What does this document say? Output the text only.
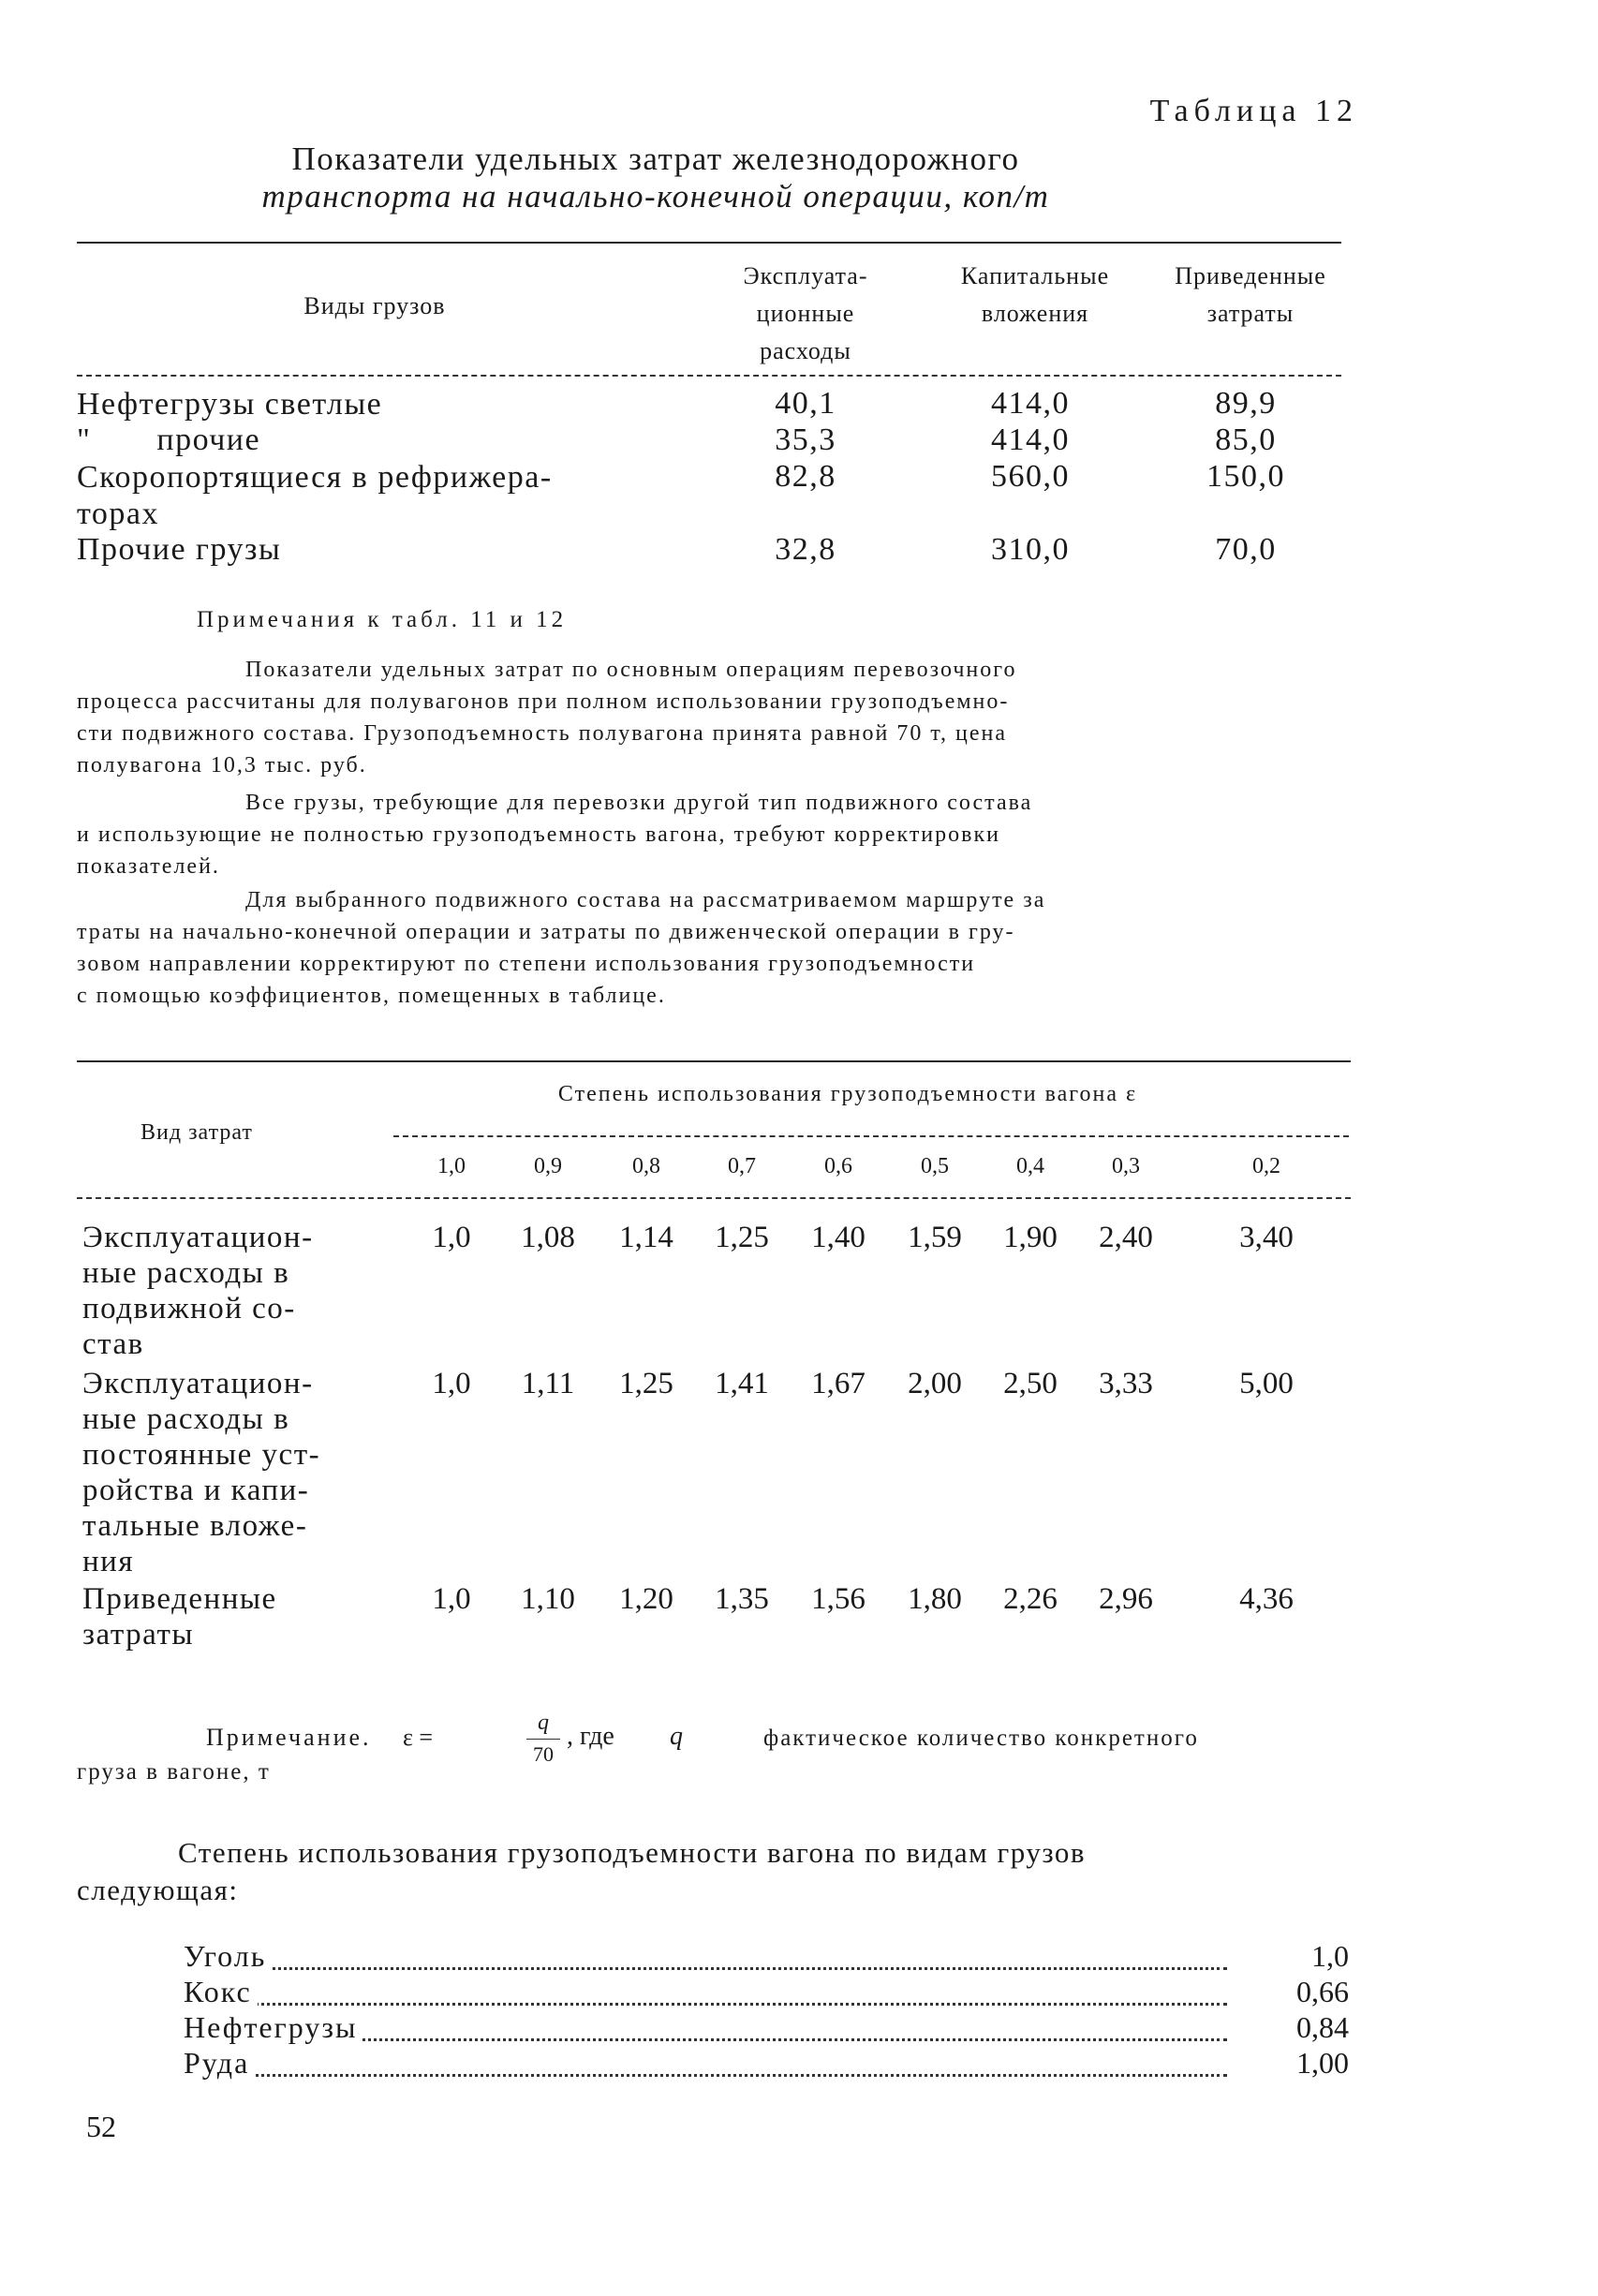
Таблица 12
Показатели удельных затрат железнодорожного
транспорта на начально-конечной операции, коп/т
Виды грузов
Эксплуата-
ционные
расходы
Капитальные
вложения
Приведенные
затраты
Нефтегрузы светлые	40,1	414,0	89,9
"       прочие	35,3	414,0	85,0
Скоропортящиеся в рефрижера-
торах
82,8	560,0	150,0
Прочие грузы	32,8	310,0	70,0
Примечания к табл. 11 и 12
Показатели удельных затрат по основным операциям перевозочного
процесса рассчитаны для полувагонов при полном использовании грузоподъемно-
сти подвижного состава. Грузоподъемность полувагона принята равной 70 т, цена
полувагона 10,3 тыс. руб.
Все грузы, требующие для перевозки другой тип подвижного состава
и использующие не полностью грузоподъемность вагона, требуют корректировки
показателей.
Для выбранного подвижного состава на рассматриваемом маршруте за
траты на начально-конечной операции и затраты по движенческой операции в гру-
зовом направлении корректируют по степени использования грузоподъемности
с помощью коэффициентов, помещенных в таблице.
Вид затрат
Степень использования грузоподъемности вагона ε
1,0	0,9	0,8	0,7	0,6	0,5	0,4	0,3	0,2
Эксплуатацион-
ные расходы в
подвижной со-
став
1,0	1,08	1,14	1,25	1,40	1,59	1,90	2,40	3,40
Эксплуатацион-
ные расходы в
постоянные уст-
ройства и капи-
тальные вложе-
ния
1,0	1,11	1,25	1,41	1,67	2,00	2,50	3,33	5,00
Приведенные
затраты
1,0	1,10	1,20	1,35	1,56	1,80	2,26	2,96	4,36
Примечание. ε =
q
70
, где q	фактическое количество конкретного
груза в вагоне, т
Степень использования грузоподъемности вагона по видам грузов
следующая:
Уголь	1,0
Кокс	0,66
Нефтегрузы	0,84
Руда	1,00
52
